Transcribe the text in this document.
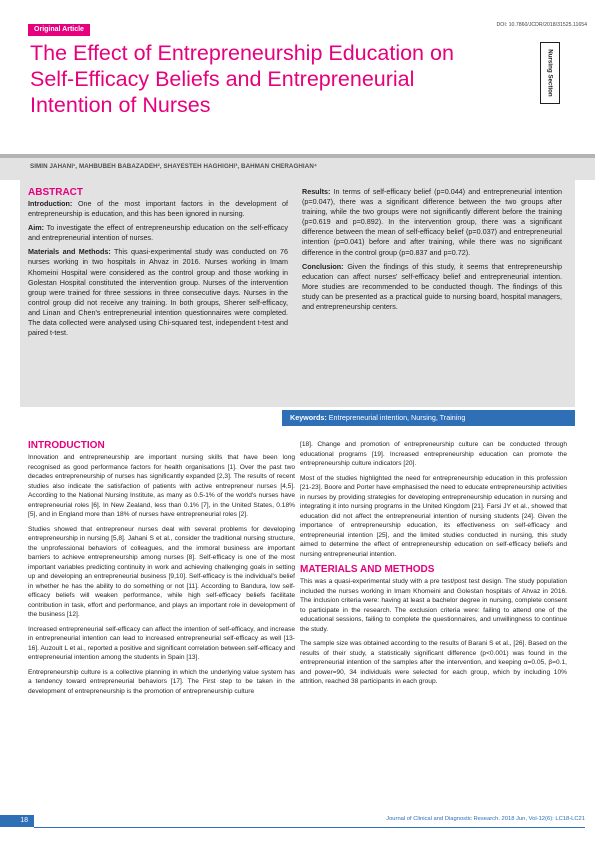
Original Article
DOI: 10.7860/JCDR/2018/31525.11654
Nursing Section
The Effect of Entrepreneurship Education on Self-Efficacy Beliefs and Entrepreneurial Intention of Nurses
SIMIN JAHANI¹, MAHBUBEH BABAZADEH², SHAYESTEH HAGHIGHI³, BAHMAN CHERAGHIAN⁴
ABSTRACT

Introduction: One of the most important factors in the development of entrepreneurship is education, and this has been ignored in nursing.

Aim: To investigate the effect of entrepreneurship education on the self-efficacy and entrepreneurial intention of nurses.

Materials and Methods: This quasi-experimental study was conducted on 76 nurses working in two hospitals in Ahvaz in 2016. Nurses working in Imam Khomeini Hospital were considered as the control group and those working in Golestan Hospital constituted the intervention group. Nurses of the intervention group were trained for three sessions in three consecutive days. Nurses in the control group did not receive any training. In both groups, Sherer self-efficacy, and Linan and Chen's entrepreneurial intention questionnaires were completed. The data collected were analysed using Chi-squared test, independent t-test and paired t-test.

Results: In terms of self-efficacy belief (p=0.044) and entrepreneurial intention (p=0.047), there was a significant difference between the two groups after training, while the two groups were not significantly different before the training (p=0.619 and p=0.892). In the intervention group, there was a significant difference between the mean of self-efficacy belief (p=0.037) and entrepreneurial intention (p=0.041) before and after training, while there was no significant difference in the control group (p=0.837 and p=0.72).

Conclusion: Given the findings of this study, it seems that entrepreneurship education can affect nurses' self-efficacy belief and entrepreneurial intention. More studies are recommended to be conducted though. The findings of this study can be presented as a practical guide to nursing board, hospital managers, and entrepreneurship centers.

Keywords: Entrepreneurial intention, Nursing, Training
INTRODUCTION

Innovation and entrepreneurship are important nursing skills that have been long recognised as good performance factors for health organisations [1]. Over the past two decades entrepreneurship of nurses has significantly expanded [2,3]. The results of recent studies also indicate the satisfaction of patients with active entrepreneur nurses [4,5]. According to the National Nursing Institute, as many as 0.5-1% of the world's nurses have entrepreneurial roles [6]. In New Zealand, less than 0.1% [7], in the United States, 0.18% [5], and in England more than 18% of nurses have entrepreneurial roles [2].

Studies showed that entrepreneur nurses deal with several problems for developing entrepreneurship in nursing [5,8]. Jahani S et al., consider the traditional nursing structure, the unprofessional behaviors of colleagues, and the immoral business are important barriers to achieve entrepreneurship among nurses [8]. Self-efficacy is one of the most important variables predicting continuity in work and achieving challenging goals in setting up and developing an entrepreneurial business [9,10]. Self-efficacy is the individual's belief in whether he has the ability to do something or not [11]. According to Bandura, low self-efficacy beliefs will weaken performance, while high self-efficacy beliefs facilitate contribution in task, effort and performance, and plays an important role in development of the business [12].

Increased entrepreneurial self-efficacy can affect the intention of self-efficacy, and increase in entrepreneurial intention can lead to increased entrepreneurial self-efficacy as well [13-16]. Auzoult L et al., reported a positive and significant correlation between self-efficacy and entrepreneurial intention among the students in Spain [13].

Entrepreneurship culture is a collective planning in which the underlying value system has a tendency toward entrepreneurial behaviors [17]. The First step to be taken in the development of entrepreneurship is the promotion of entrepreneurship culture

[18]. Change and promotion of entrepreneurship culture can be conducted through educational programs [19]. Increased entrepreneurship education can promote the entrepreneurship culture indicators [20].

Most of the studies highlighted the need for entrepreneurship education in this profession [21-23]. Boore and Porter have emphasised the need to educate entrepreneurship activities in nurses by providing strategies for developing entrepreneurship education in nursing and integrating it into nursing programs in the United Kingdom [21]. Farsi JY et al., showed that education did not affect the entrepreneurial intention of nursing students [24]. Given the importance of entrepreneurship education, its effectiveness on self-efficacy and entrepreneurial intention [25], and the limited studies conducted in nursing, this study aimed to determine the effect of entrepreneurship education on self-efficacy beliefs and nursing entrepreneurial intention.

MATERIALS AND METHODS

This was a quasi-experimental study with a pre test/post test design. The study population included the nurses working in Imam Khomeini and Golestan hospitals of Ahvaz in 2016. The inclusion criteria were: having at least a bachelor degree in nursing, complete consent to participate in the research. The exclusion criteria were: failing to attend one of the educational sessions, failing to complete the questionnaires, and unwillingness to continue the study.

The sample size was obtained according to the results of Barani S et al., [26]. Based on the results of their study, a statistically significant difference (p<0.001) was found in the entrepreneurial intention of the samples after the intervention, and keeping α=0.05, β=0.1, and power=90, 34 individuals were selected for each group, which by including 10% attrition, reached 38 participants in each group.

18	Journal of Clinical and Diagnostic Research. 2018 Jun, Vol-12(6): LC18-LC21
